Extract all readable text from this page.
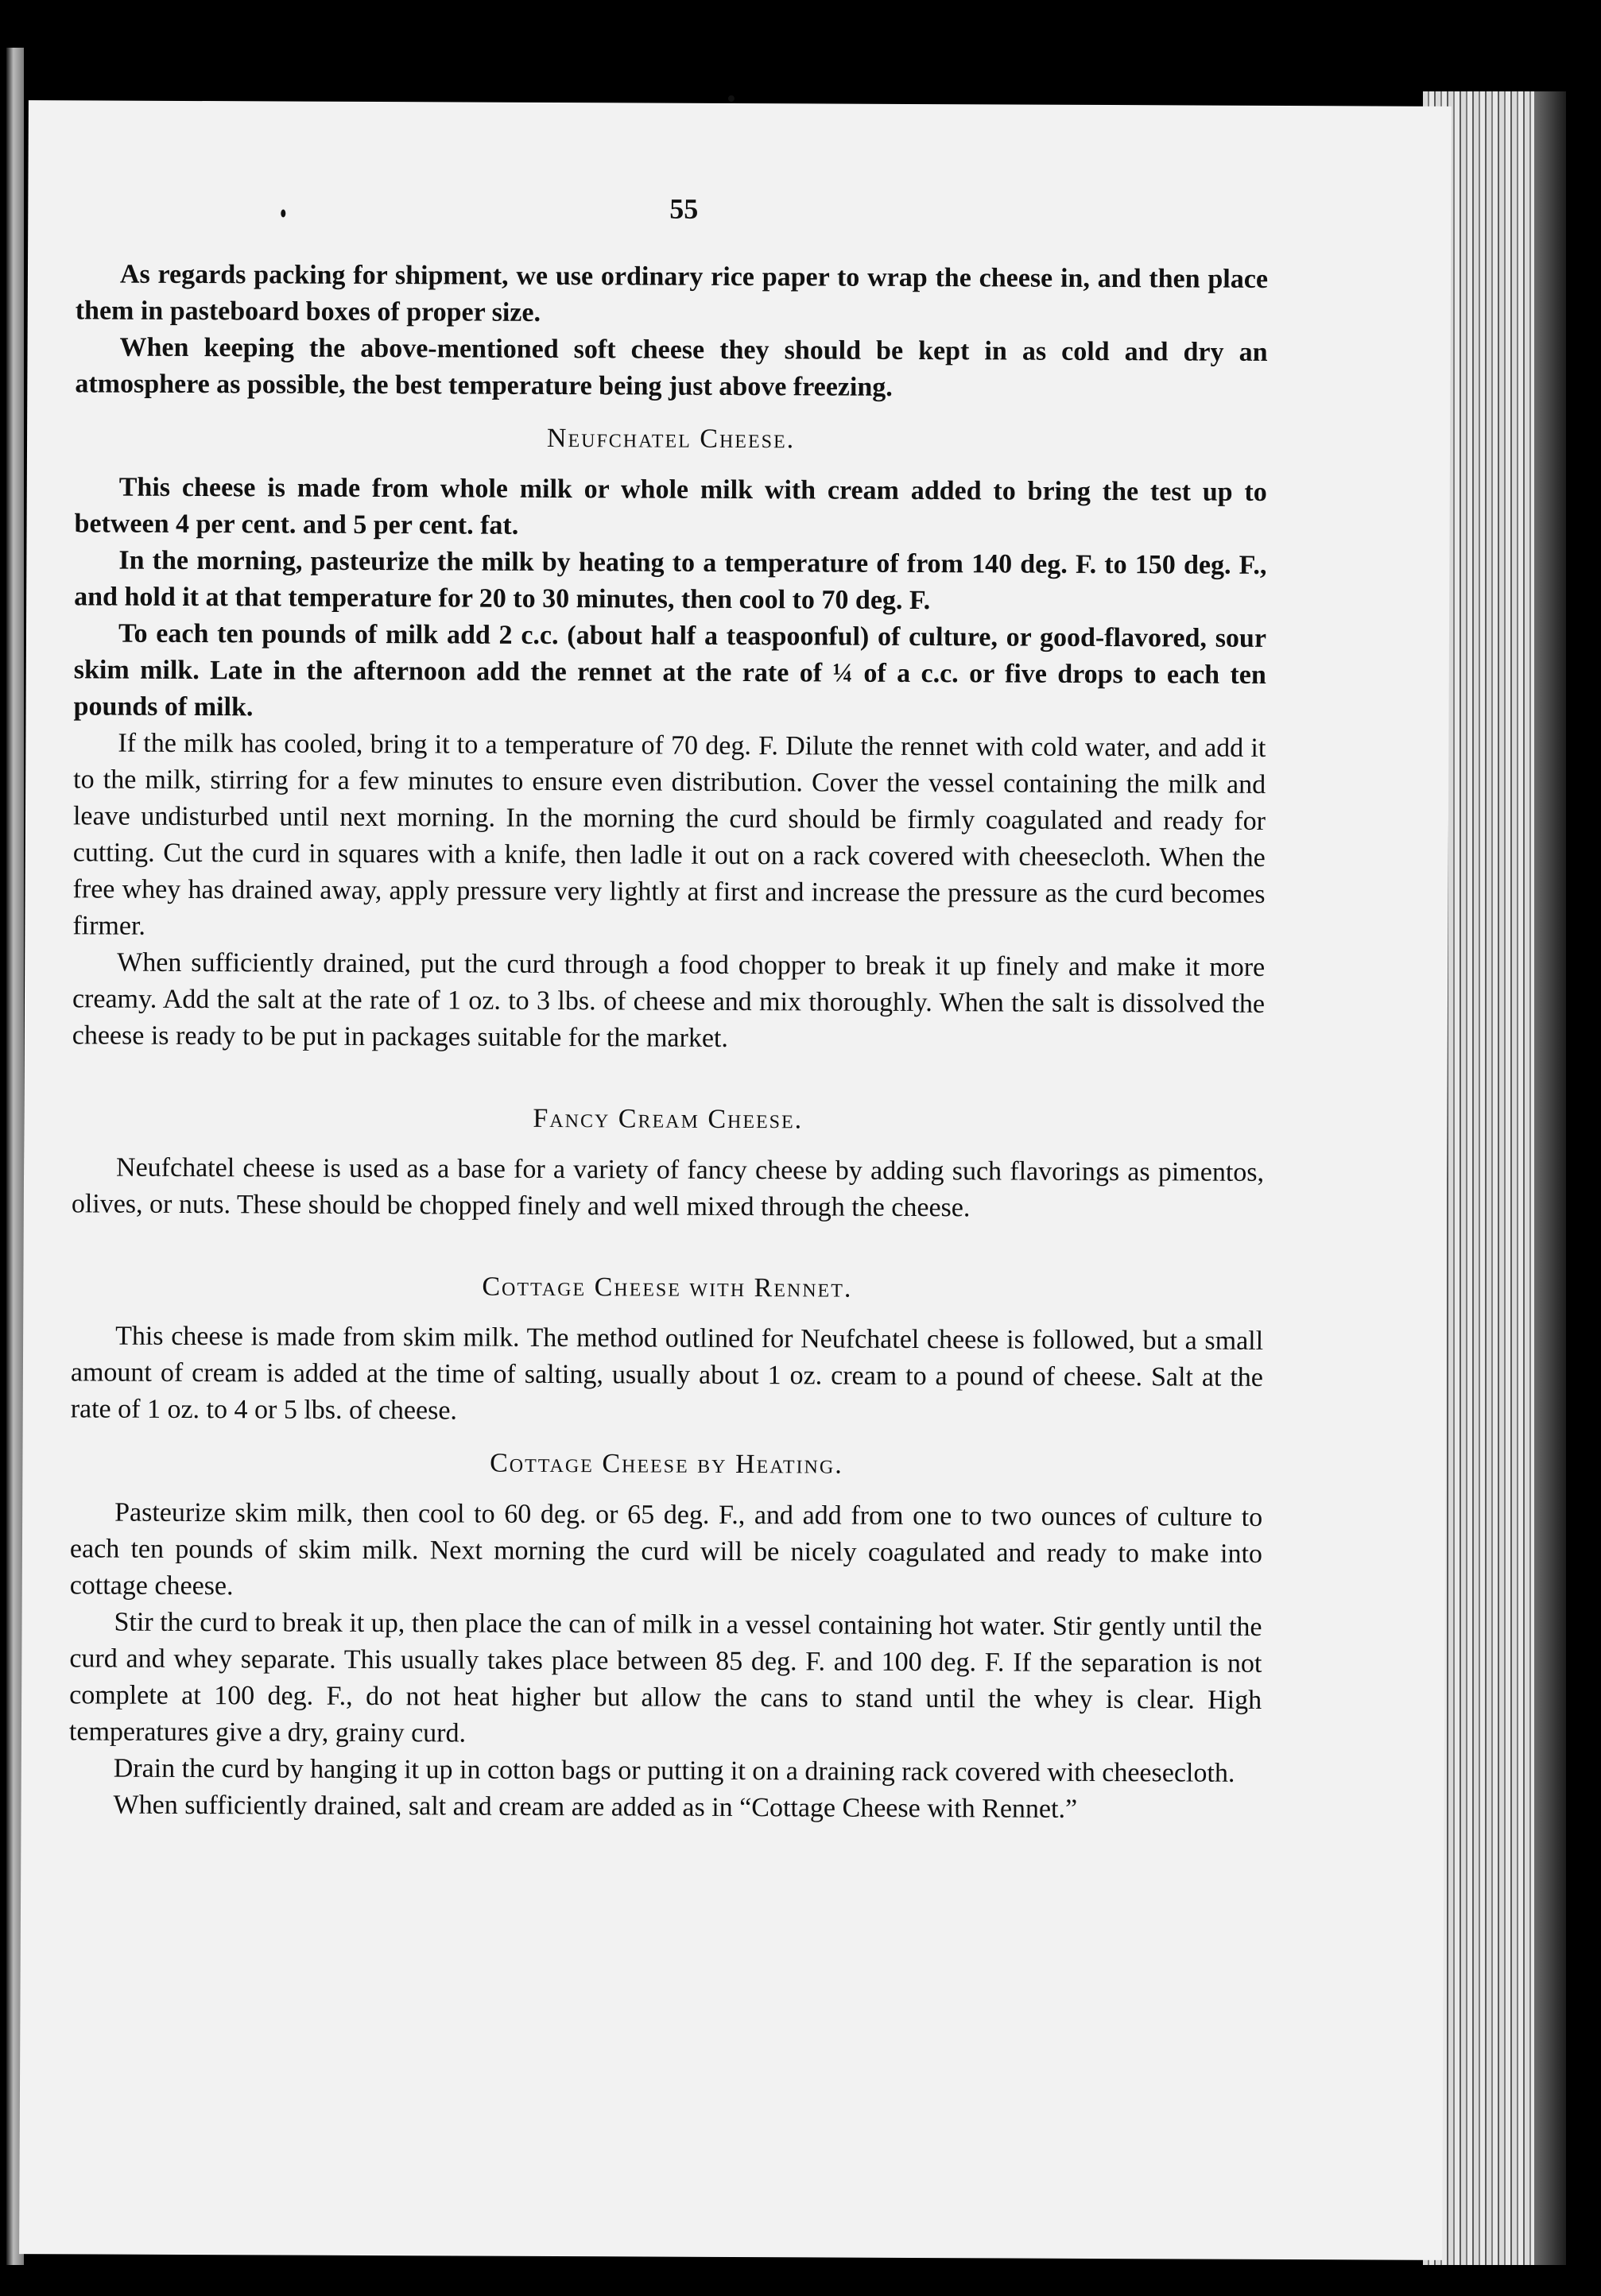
55

As regards packing for shipment, we use ordinary rice paper to wrap the cheese in, and then place them in pasteboard boxes of proper size.

When keeping the above-mentioned soft cheese they should be kept in as cold and dry an atmosphere as possible, the best temperature being just above freezing.

Neufchatel Cheese.

This cheese is made from whole milk or whole milk with cream added to bring the test up to between 4 per cent. and 5 per cent. fat.

In the morning, pasteurize the milk by heating to a temperature of from 140 deg. F. to 150 deg. F., and hold it at that temperature for 20 to 30 minutes, then cool to 70 deg. F.

To each ten pounds of milk add 2 c.c. (about half a teaspoonful) of culture, or good-flavored, sour skim milk. Late in the afternoon add the rennet at the rate of ¼ of a c.c. or five drops to each ten pounds of milk.

If the milk has cooled, bring it to a temperature of 70 deg. F. Dilute the rennet with cold water, and add it to the milk, stirring for a few minutes to ensure even distribution. Cover the vessel containing the milk and leave undisturbed until next morning. In the morning the curd should be firmly coagulated and ready for cutting. Cut the curd in squares with a knife, then ladle it out on a rack covered with cheesecloth. When the free whey has drained away, apply pressure very lightly at first and increase the pressure as the curd becomes firmer.

When sufficiently drained, put the curd through a food chopper to break it up finely and make it more creamy. Add the salt at the rate of 1 oz. to 3 lbs. of cheese and mix thoroughly. When the salt is dissolved the cheese is ready to be put in packages suitable for the market.

Fancy Cream Cheese.

Neufchatel cheese is used as a base for a variety of fancy cheese by adding such flavorings as pimentos, olives, or nuts. These should be chopped finely and well mixed through the cheese.

Cottage Cheese with Rennet.

This cheese is made from skim milk. The method outlined for Neufchatel cheese is followed, but a small amount of cream is added at the time of salting, usually about 1 oz. cream to a pound of cheese. Salt at the rate of 1 oz. to 4 or 5 lbs. of cheese.

Cottage Cheese by Heating.

Pasteurize skim milk, then cool to 60 deg. or 65 deg. F., and add from one to two ounces of culture to each ten pounds of skim milk. Next morning the curd will be nicely coagulated and ready to make into cottage cheese.

Stir the curd to break it up, then place the can of milk in a vessel containing hot water. Stir gently until the curd and whey separate. This usually takes place between 85 deg. F. and 100 deg. F. If the separation is not complete at 100 deg. F., do not heat higher but allow the cans to stand until the whey is clear. High temperatures give a dry, grainy curd.

Drain the curd by hanging it up in cotton bags or putting it on a draining rack covered with cheesecloth.

When sufficiently drained, salt and cream are added as in “Cottage Cheese with Rennet.”
